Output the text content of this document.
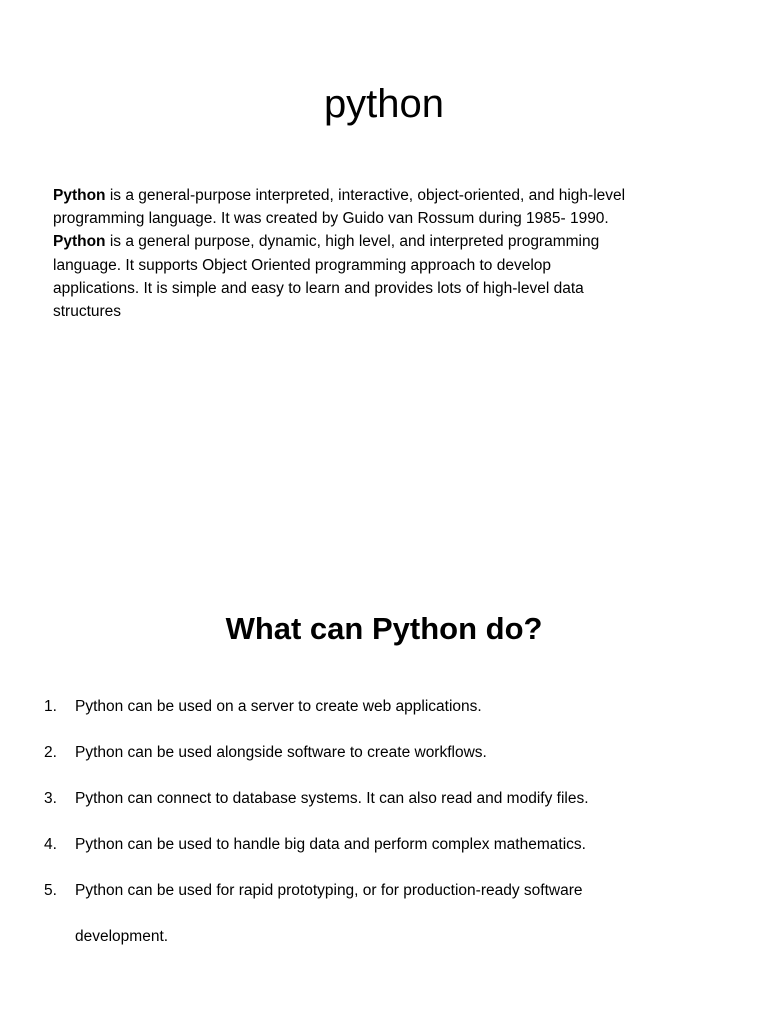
python

Python is a general-purpose interpreted, interactive, object-oriented, and high-level
programming language. It was created by Guido van Rossum during 1985- 1990.
Python is a general purpose, dynamic, high level, and interpreted programming
language. It supports Object Oriented programming approach to develop
applications. It is simple and easy to learn and provides lots of high-level data
structures

What can Python do?
1. Python can be used on a server to create web applications.
2. Python can be used alongside software to create workflows.
3. Python can connect to database systems. It can also read and modify files.
4. Python can be used to handle big data and perform complex mathematics.
5. Python can be used for rapid prototyping, or for production-ready software
development.
